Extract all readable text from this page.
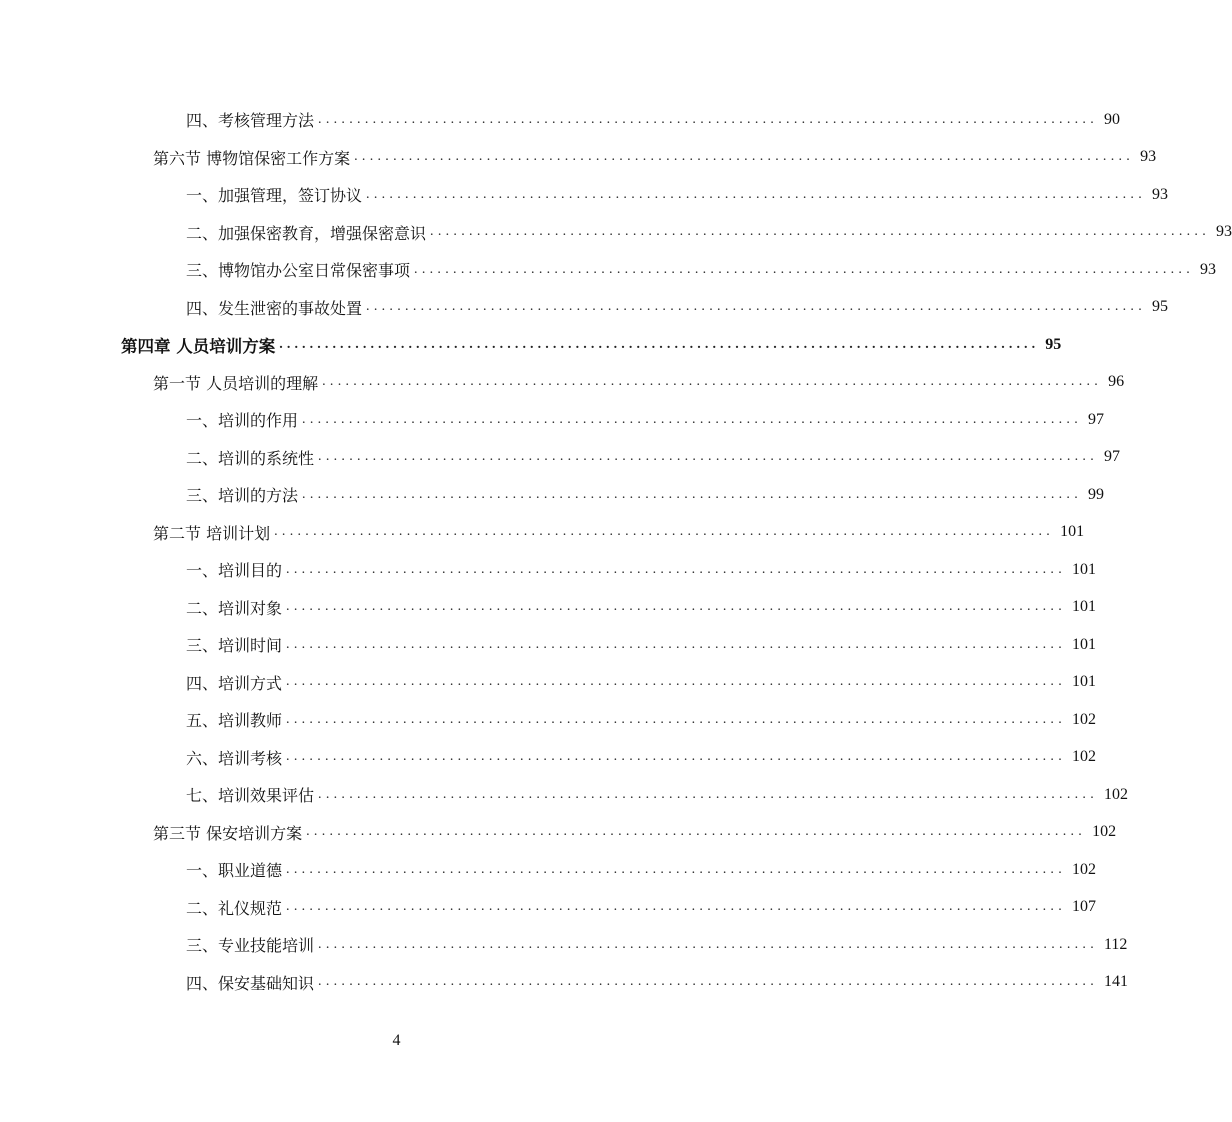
四、考核管理方法 .................................................................................................... 90
第六节 博物馆保密工作方案 .................................................................................................... 93
一、加强管理，签订协议 .................................................................................................... 93
二、加强保密教育，增强保密意识 .................................................................................................... 93
三、博物馆办公室日常保密事项 .................................................................................................... 93
四、发生泄密的事故处置 .................................................................................................... 95
第四章 人员培训方案 .................................................................................................... 95
第一节 人员培训的理解 .................................................................................................... 96
一、培训的作用 .................................................................................................... 97
二、培训的系统性 .................................................................................................... 97
三、培训的方法 .................................................................................................... 99
第二节 培训计划 .................................................................................................... 101
一、培训目的 .................................................................................................... 101
二、培训对象 .................................................................................................... 101
三、培训时间 .................................................................................................... 101
四、培训方式 .................................................................................................... 101
五、培训教师 .................................................................................................... 102
六、培训考核 .................................................................................................... 102
七、培训效果评估 .................................................................................................... 102
第三节 保安培训方案 .................................................................................................... 102
一、职业道德 .................................................................................................... 102
二、礼仪规范 .................................................................................................... 107
三、专业技能培训 .................................................................................................... 112
四、保安基础知识 .................................................................................................... 141
4
